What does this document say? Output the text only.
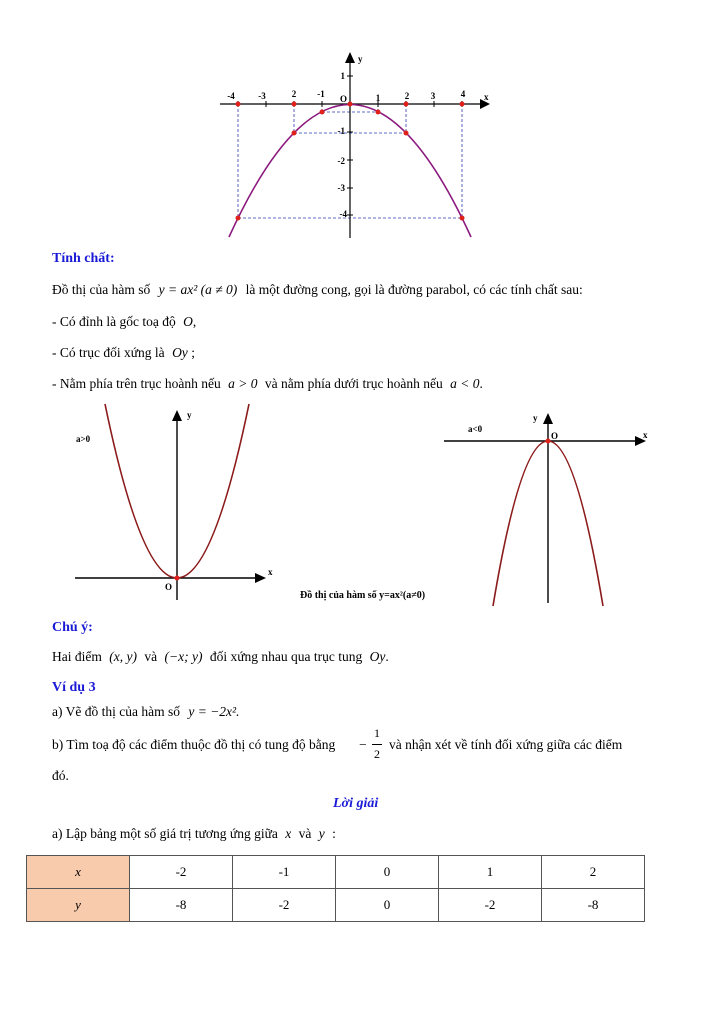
-4	-3	2 -1	1	2 3	4
1
-1
-2
-3
-4
O	x
y
Tính chất:
Đồ thị của hàm số y = ax² (a ≠ 0) là một đường cong, gọi là đường parabol, có các tính chất sau:
- Có đỉnh là gốc toạ độ O,
- Có trục đối xứng là Oy ;
- Nằm phía trên trục hoành nếu a > 0 và nằm phía dưới trục hoành nếu a < 0.
a>0
y
x
O
Đồ thị của hàm số y=ax²(a≠0)
a<0
y
x
O
Chú ý:
Hai điểm (x, y) và (−x; y) đối xứng nhau qua trục tung Oy.
Ví dụ 3
a) Vẽ đồ thị của hàm số y = −2x².
b) Tìm toạ độ các điểm thuộc đồ thị có tung độ bằng −
1
2
và nhận xét về tính đối xứng giữa các điểm
đó.
Lời giải
a) Lập bảng một số giá trị tương ứng giữa x và y :
x	-2	-1	0	1	2
y	-8	-2	0	-2	-8
